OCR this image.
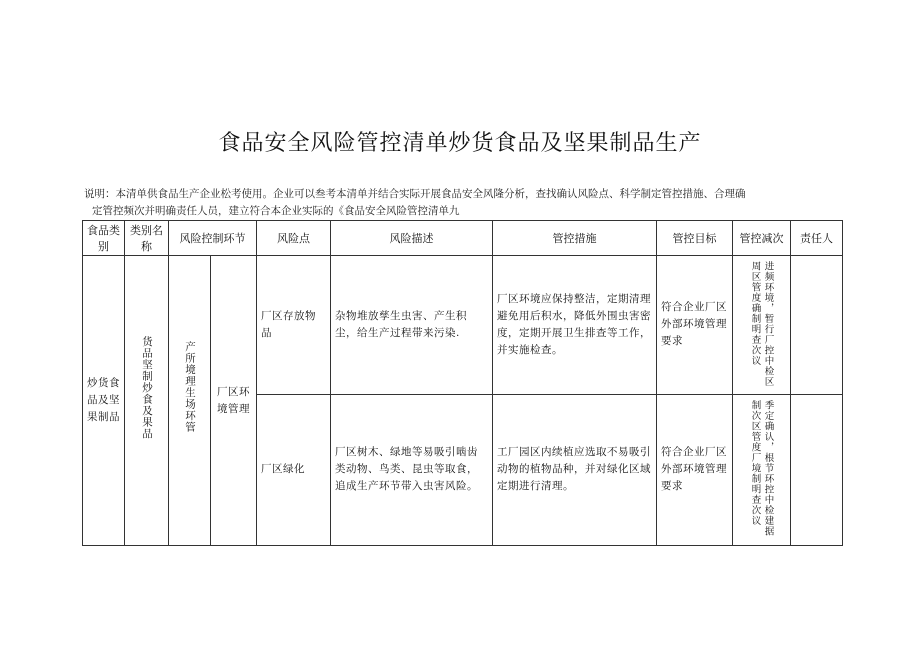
食品安全风险管控清单炒货食品及坚果制品生产
说明：本清单供食品生产企业松考使用。企业可以叁考本清单并结合实际开展食品安全风隆分析，查找确认风险点、科学制定管控措施、合理确
定管控频次并明确责任人员，建立符合本企业实际的《食品安全风险管控清单九
食品类别	类别名称	风险控制环节		风险点	风险描述	管控措施	管控目标	管控减次	责任人
炒货食品及坚果制品	货品坚制炒食及果品	产所境理生场环管	厂区环境管理	厂区存放物品	杂物堆放孳生虫害、产生积尘，给生产过程带来污染.	厂区环境应保持整洁，定期清理避免用后积水，降低外围虫害密度，定期开展卫生排查等工作，并实施检查。	符合企业厂区外部环境管理要求	进频环境，暂行厂控中检区周区管度确制明查次议	

				厂区绿化	厂区树木、绿地等易吸引啮齿类动物、鸟类、昆虫等取食，追成生产环节带入虫害风险。	工厂园区内续植应选取不易吸引动物的植物品种，并对绿化区域定期进行清理。	符合企业厂区外部环境管理要求	季定确认，根节环控中检建据制次区管度厂境制明查次议	
